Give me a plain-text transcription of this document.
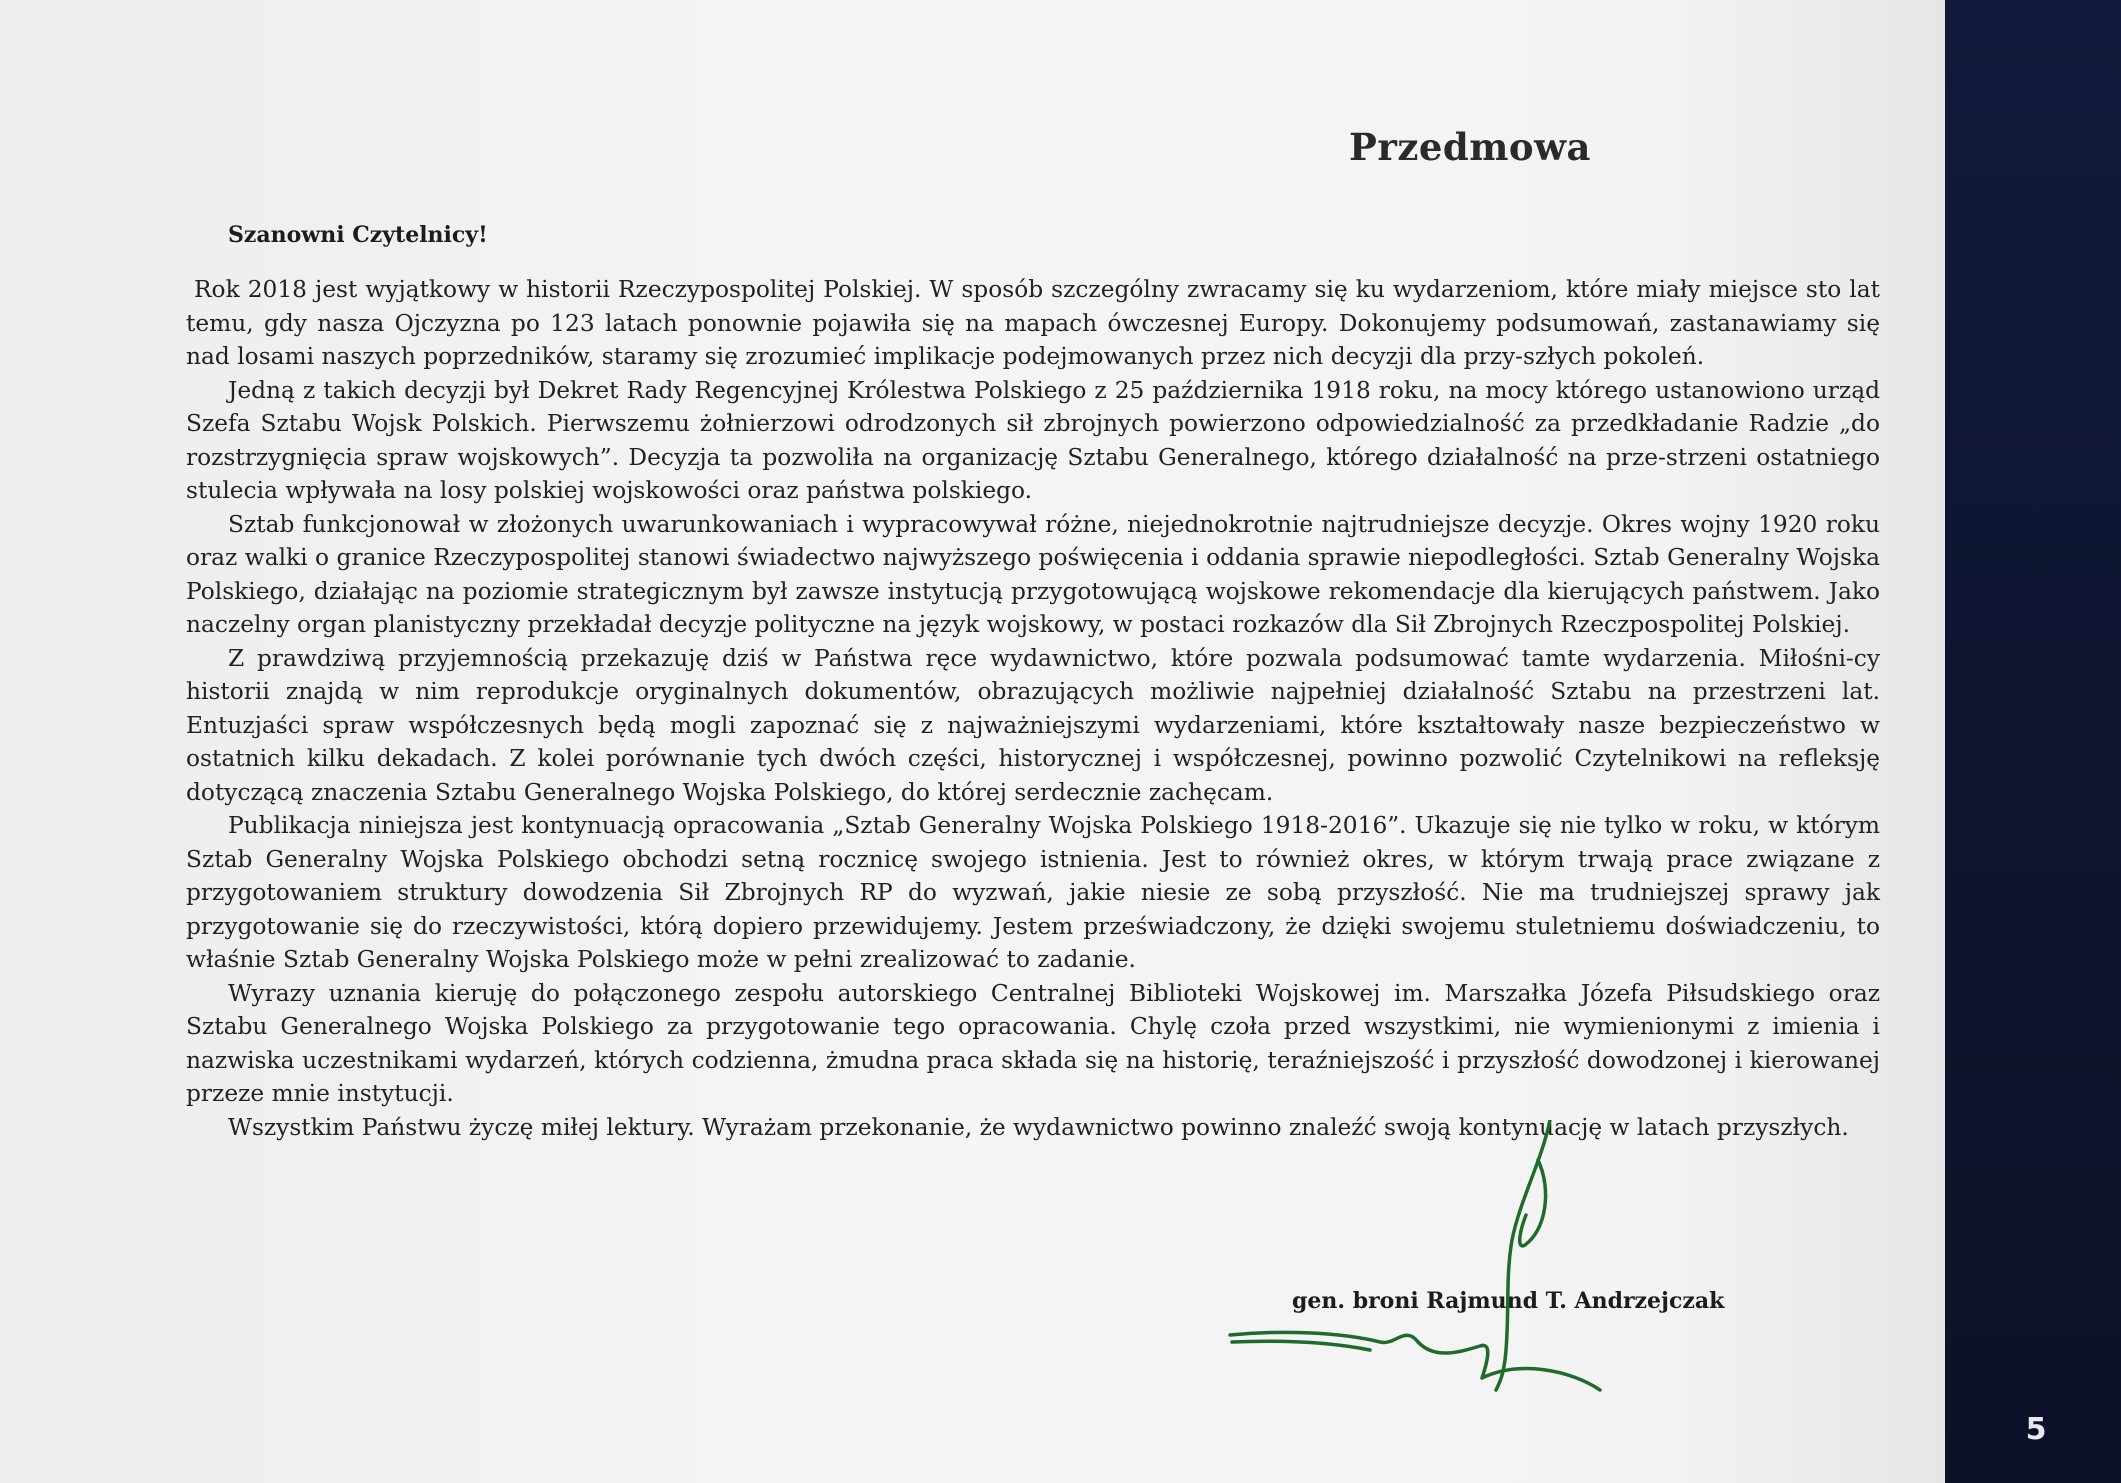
Przedmowa
Szanowni Czytelnicy!

Rok 2018 jest wyjątkowy w historii Rzeczypospolitej Polskiej. W sposób szczególny zwracamy się ku wydarzeniom, które miały miejsce sto lat temu, gdy nasza Ojczyzna po 123 latach ponownie pojawiła się na mapach ówczesnej Europy. Dokonujemy podsumowań, zastanawiamy się nad losami naszych poprzedników, staramy się zrozumieć implikacje podejmowanych przez nich decyzji dla przy-szłych pokoleń.

Jedną z takich decyzji był Dekret Rady Regencyjnej Królestwa Polskiego z 25 października 1918 roku, na mocy którego ustanowiono urząd Szefa Sztabu Wojsk Polskich. Pierwszemu żołnierzowi odrodzonych sił zbrojnych powierzono odpowiedzialność za przedkładanie Radzie „do rozstrzygnięcia spraw wojskowych”. Decyzja ta pozwoliła na organizację Sztabu Generalnego, którego działalność na prze-strzeni ostatniego stulecia wpływała na losy polskiej wojskowości oraz państwa polskiego.

Sztab funkcjonował w złożonych uwarunkowaniach i wypracowywał różne, niejednokrotnie najtrudniejsze decyzje. Okres wojny 1920 roku oraz walki o granice Rzeczypospolitej stanowi świadectwo najwyższego poświęcenia i oddania sprawie niepodległości. Sztab Generalny Wojska Polskiego, działając na poziomie strategicznym był zawsze instytucją przygotowującą wojskowe rekomendacje dla kierujących państwem. Jako naczelny organ planistyczny przekładał decyzje polityczne na język wojskowy, w postaci rozkazów dla Sił Zbrojnych Rzeczpospolitej Polskiej.

Z prawdziwą przyjemnością przekazuję dziś w Państwa ręce wydawnictwo, które pozwala podsumować tamte wydarzenia. Miłośni-cy historii znajdą w nim reprodukcje oryginalnych dokumentów, obrazujących możliwie najpełniej działalność Sztabu na przestrzeni lat. Entuzjaści spraw współczesnych będą mogli zapoznać się z najważniejszymi wydarzeniami, które kształtowały nasze bezpieczeństwo w ostatnich kilku dekadach. Z kolei porównanie tych dwóch części, historycznej i współczesnej, powinno pozwolić Czytelnikowi na refleksję dotyczącą znaczenia Sztabu Generalnego Wojska Polskiego, do której serdecznie zachęcam.

Publikacja niniejsza jest kontynuacją opracowania „Sztab Generalny Wojska Polskiego 1918-2016”. Ukazuje się nie tylko w roku, w którym Sztab Generalny Wojska Polskiego obchodzi setną rocznicę swojego istnienia. Jest to również okres, w którym trwają prace związane z przygotowaniem struktury dowodzenia Sił Zbrojnych RP do wyzwań, jakie niesie ze sobą przyszłość. Nie ma trudniejszej sprawy jak przygotowanie się do rzeczywistości, którą dopiero przewidujemy. Jestem przeświadczony, że dzięki swojemu stuletniemu doświadczeniu, to właśnie Sztab Generalny Wojska Polskiego może w pełni zrealizować to zadanie.

Wyrazy uznania kieruję do połączonego zespołu autorskiego Centralnej Biblioteki Wojskowej im. Marszałka Józefa Piłsudskiego oraz Sztabu Generalnego Wojska Polskiego za przygotowanie tego opracowania. Chylę czoła przed wszystkimi, nie wymienionymi z imienia i nazwiska uczestnikami wydarzeń, których codzienna, żmudna praca składa się na historię, teraźniejszość i przyszłość dowodzonej i kierowanej przeze mnie instytucji.

Wszystkim Państwu życzę miłej lektury. Wyrażam przekonanie, że wydawnictwo powinno znaleźć swoją kontynuację w latach przyszłych.

gen. broni Rajmund T. Andrzejczak
5
